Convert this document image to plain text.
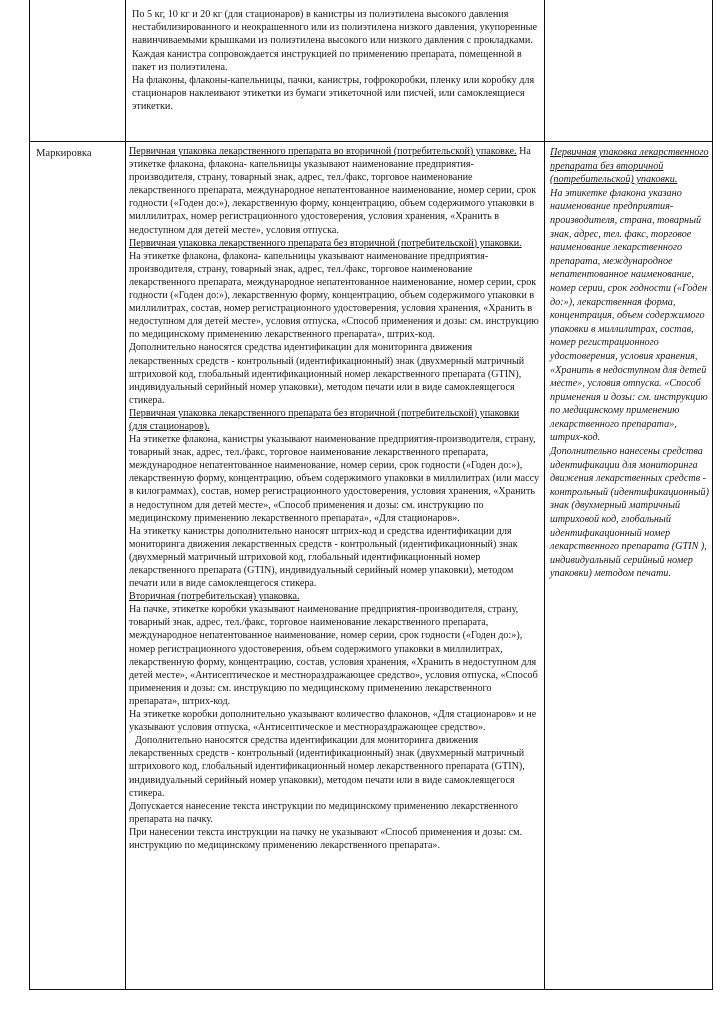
По 5 кг, 10 кг и 20 кг (для стационаров) в канистры из полиэтилена высокого давления нестабилизированного и неокрашенного или из полиэтилена низкого давления, укупоренные навинчиваемыми крышками из полиэтилена высокого или низкого давления с прокладками.

Каждая канистра сопровождается инструкцией по применению препарата, помещенной в пакет из полиэтилена.

На флаконы, флаконы-капельницы, пачки, канистры, гофрокоробки, пленку или коробку для стационаров наклеивают этикетки из бумаги этикеточной или писчей, или самоклеящиеся этикетки.

Маркировка	Первичная упаковка лекарственного препарата во вторичной (потребительской) упаковке. На этикетке флакона, флакона- капельницы указывают наименование предприятия-производителя, страну, товарный знак, адрес, тел./факс, торговое наименование лекарственного препарата, международное непатентованное наименование, номер серии, срок годности («Годен до:»), лекарственную форму, концентрацию, объем содержимого упаковки в миллилитрах, номер регистрационного удостоверения, условия хранения, «Хранить в недоступном для детей месте», условия отпуска.

Первичная упаковка лекарственного препарата без вторичной (потребительской) упаковки.

На этикетке флакона, флакона- капельницы указывают наименование предприятия-производителя, страну, товарный знак, адрес, тел./факс, торговое наименование лекарственного препарата, международное непатентованное наименование, номер серии, срок годности («Годен до:»), лекарственную форму, концентрацию, объем содержимого упаковки в миллилитрах, состав, номер регистрационного удостоверения, условия хранения, «Хранить в недоступном для детей месте», условия отпуска, «Способ применения и дозы: см. инструкцию по медицинскому применению лекарственного препарата», штрих-код.

Дополнительно наносятся средства идентификации для мониторинга движения лекарственных средств - контрольный (идентификационный) знак (двухмерный матричный штриховой код, глобальный идентификационный номер лекарственного препарата (GTIN), индивидуальный серийный номер упаковки), методом печати или в виде самоклеящегося стикера.

Первичная упаковка лекарственного препарата без вторичной (потребительской) упаковки (для стационаров).

На этикетке флакона, канистры указывают наименование предприятия-производителя, страну, товарный знак, адрес, тел./факс, торговое наименование лекарственного препарата, международное непатентованное наименование, номер серии, срок годности («Годен до:»), лекарственную форму, концентрацию, объем содержимого упаковки в миллилитрах (или массу в килограммах), состав, номер регистрационного удостоверения, условия хранения, «Хранить в недоступном для детей месте», «Способ применения и дозы: см. инструкцию по медицинскому применению лекарственного препарата», «Для стационаров».

На этикетку канистры дополнительно наносят штрих-код и средства идентификации для мониторинга движения лекарственных средств - контрольный (идентификационный) знак (двухмерный матричный штриховой код, глобальный идентификационный номер лекарственного препарата (GTIN), индивидуальный серийный номер упаковки), методом печати или в виде самоклеящегося стикера.

Вторичная (потребительская) упаковка.

На пачке, этикетке коробки указывают наименование предприятия-производителя, страну, товарный знак, адрес, тел./факс, торговое наименование лекарственного препарата, международное непатентованное наименование, номер серии, срок годности («Годен до:»), номер регистрационного удостоверения, объем содержимого упаковки в миллилитрах, лекарственную форму, концентрацию, состав, условия хранения, «Хранить в недоступном для детей месте», «Антисептическое и местнораздражающее средство», условия отпуска, «Способ применения и дозы: см. инструкцию по медицинскому применению лекарственного препарата», штрих-код.

На этикетке коробки дополнительно указывают количество флаконов, «Для стационаров» и не указывают условия отпуска, «Антисептическое и местнораздражающее средство».

Дополнительно наносятся средства идентификации для мониторинга движения лекарственных средств - контрольный (идентификационный) знак (двухмерный матричный штрихового код, глобальный идентификационный номер лекарственного препарата (GTIN), индивидуальный серийный номер упаковки), методом печати или в виде самоклеящегося стикера.

Допускается нанесение текста инструкции по медицинскому применению лекарственного препарата на пачку.

При нанесении текста инструкции на пачку не указывают «Способ применения и дозы: см. инструкцию по медицинскому применению лекарственного препарата».

Первичная упаковка лекарственного препарата без вторичной (потребительской) упаковки.

На этикетке флакона указано наименование предприятия-производителя, страна, товарный знак, адрес, тел. факс, торговое наименование лекарственного препарата, международное непатентованное наименование, номер серии, срок годности («Годен до:»), лекарственная форма, концентрация, объем содержимого упаковки в миллилитрах, состав, номер регистрационного удостоверения, условия хранения, «Хранить в недоступном для детей месте», условия отпуска. «Способ применения и дозы: см. инструкцию по медицинскому применению лекарственного препарата», штрих-код.

Дополнительно нанесены средства идентификации для мониторинга движения лекарственных средств - контрольный (идентификационный) знак (двухмерный матричный штриховой код, глобальный идентификационный номер лекарственного препарата (GTIN ), индивидуальный серийный номер упаковки) методом печати.
